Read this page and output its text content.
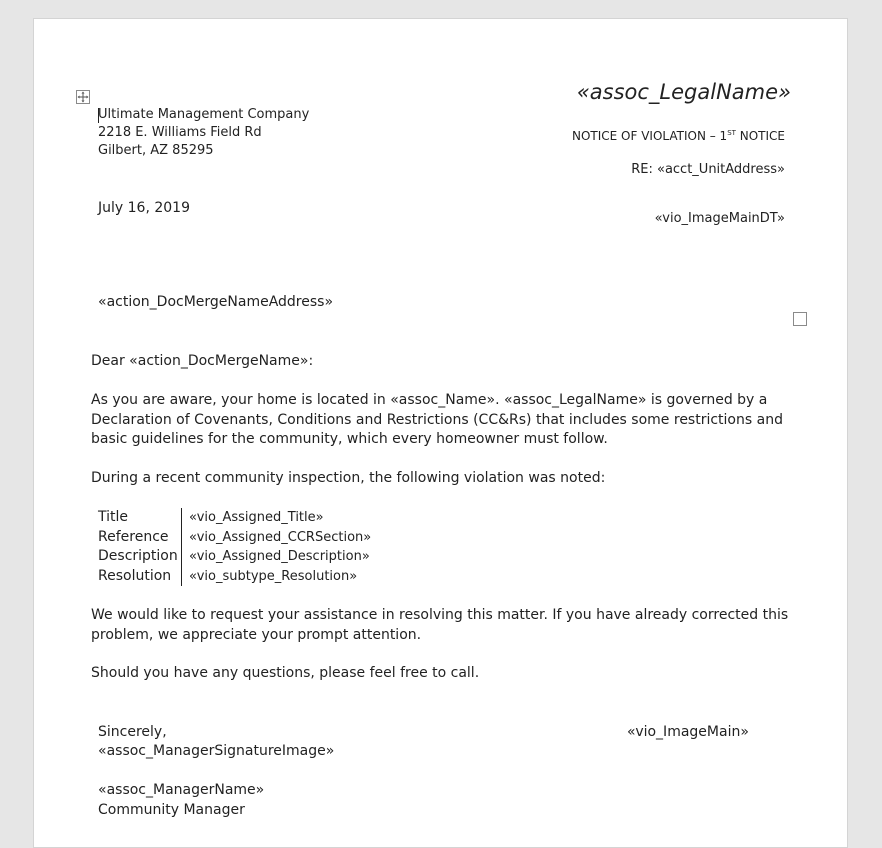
Ultimate Management Company
2218 E. Williams Field Rd
Gilbert, AZ 85295
«assoc_LegalName»
NOTICE OF VIOLATION – 1ST NOTICE
RE: «acct_UnitAddress»
«vio_ImageMainDT»
July 16, 2019
«action_DocMergeNameAddress»
Dear «action_DocMergeName»:
As you are aware, your home is located in «assoc_Name». «assoc_LegalName» is governed by a Declaration of Covenants, Conditions and Restrictions (CC&Rs) that includes some restrictions and basic guidelines for the community, which every homeowner must follow.
During a recent community inspection, the following violation was noted:
Title	«vio_Assigned_Title»
Reference	«vio_Assigned_CCRSection»
Description	«vio_Assigned_Description»
Resolution	«vio_subtype_Resolution»
We would like to request your assistance in resolving this matter. If you have already corrected this problem, we appreciate your prompt attention.
Should you have any questions, please feel free to call.
Sincerely,
«assoc_ManagerSignatureImage»
«assoc_ManagerName»
Community Manager
«vio_ImageMain»
